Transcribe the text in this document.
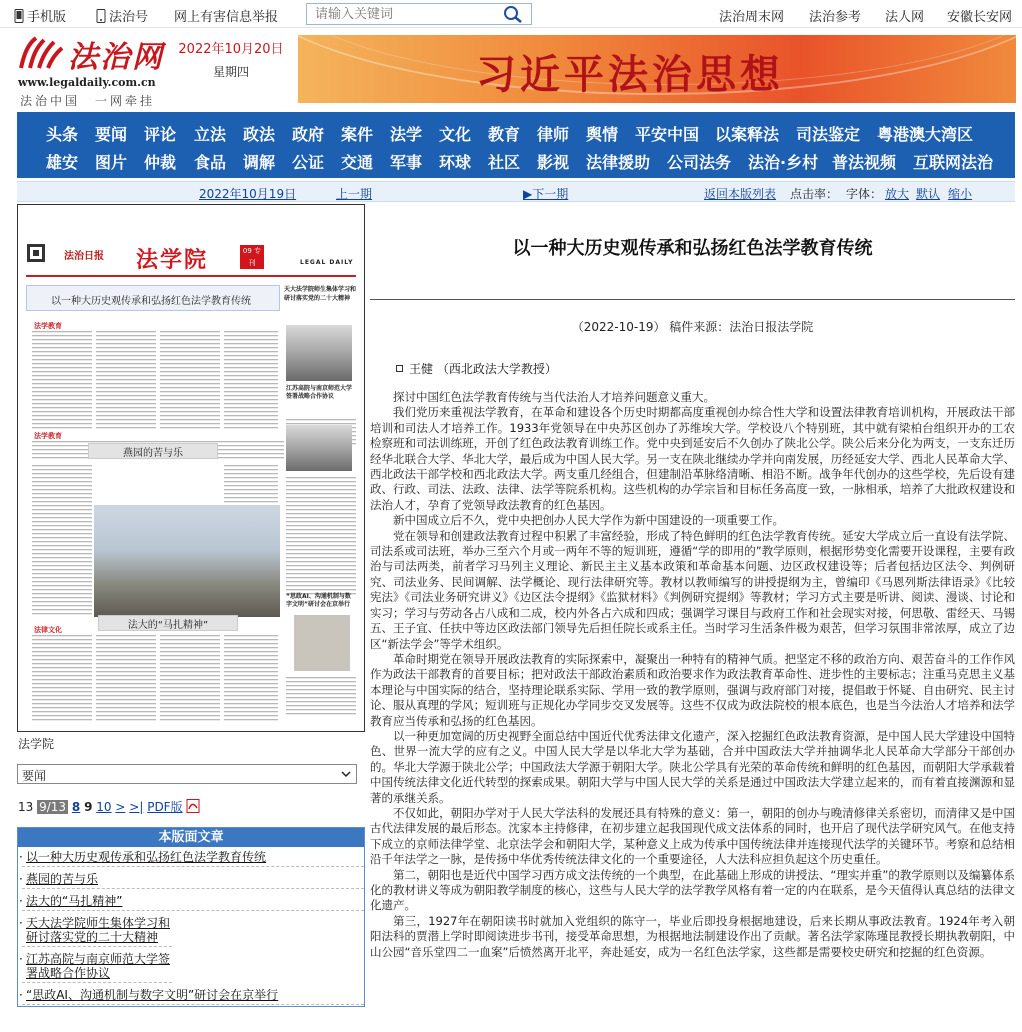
手机版	法治号 网上有害信息举报
请输入关键词	法治周末网 法治参考 法人网 安徽长安网
法治网
www.legaldaily.com.cn
法治中国　一网牵挂
2022年10月20日
星期四	习近平法治思想
头条 要闻 评论 立法 政法 政府 案件 法学 文化 教育 律师 舆情 平安中国 以案释法 司法鉴定 粤港澳大湾区
雄安 图片 仲裁 食品 调解 公证 交通 军事 环球 社区 影视 法律援助 公司法务 法治·乡村 普法视频 互联网法治
2022年10月19日	上一期	▶下一期	返回本版列表 点击率： 字体： 放大 默认 缩小
法治日报 法学院	09 专刊	LEGAL DAILY
以一种大历史观传承和弘扬红色法学教育传统
天大法学院师生集体学习和研讨落实党的二十大精神
法学教育
江苏高院与南京师范大学签署战略合作协议
法学教育
燕园的苦与乐
法大的“马扎精神”
“思政AI、沟通机制与数字文明”研讨会在京举行
法律文化
法学院
要闻
13 9/13 8 9 10 > >| PDF版
本版面文章
· 以一种大历史观传承和弘扬红色法学教育传统
· 燕园的苦与乐
· 法大的“马扎精神”
· 天大法学院师生集体学习和研讨落实党的二十大精神
· 江苏高院与南京师范大学签署战略合作协议
· “思政AI、沟通机制与数字文明”研讨会在京举行
以一种大历史观传承和弘扬红色法学教育传统
（2022-10-19） 稿件来源：法治日报法学院
王健 （西北政法大学教授）

探讨中国红色法学教育传统与当代法治人才培养问题意义重大。

我们党历来重视法学教育，在革命和建设各个历史时期都高度重视创办综合性大学和设置法律教育培训机构，开展政法干部培训和司法人才培养工作。1933年党领导在中央苏区创办了苏维埃大学。学校设八个特别班，其中就有梁柏台组织开办的工农检察班和司法训练班，开创了红色政法教育训练工作。党中央到延安后不久创办了陕北公学。陕公后来分化为两支，一支东迁历经华北联合大学、华北大学，最后成为中国人民大学。另一支在陕北继续办学并向南发展，历经延安大学、西北人民革命大学、西北政法干部学校和西北政法大学。两支重几经组合，但建制沿革脉络清晰、相沿不断。战争年代创办的这些学校，先后设有建政、行政、司法、法政、法律、法学等院系机构。这些机构的办学宗旨和目标任务高度一致，一脉相承，培养了大批政权建设和法治人才，孕育了党领导政法教育的红色基因。

新中国成立后不久，党中央把创办人民大学作为新中国建设的一项重要工作。

党在领导和创建政法教育过程中积累了丰富经验，形成了特色鲜明的红色法学教育传统。延安大学成立后一直设有法学院、司法系或司法班，举办三至六个月或一两年不等的短训班，遵循“学的即用的”教学原则，根据形势变化需要开设课程，主要有政治与司法两类，前者学习马列主义理论、新民主主义基本政策和革命基本问题、边区政权建设等；后者包括边区法令、判例研究、司法业务、民间调解、法学概论、现行法律研究等。教材以教师编写的讲授提纲为主，曾编印《马恩列斯法律语录》《比较宪法》《司法业务研究讲义》《边区法令提纲》《监狱材料》《判例研究提纲》等教材；学习方式主要是听讲、阅读、漫谈、讨论和实习；学习与劳动各占八成和二成，校内外各占六成和四成；强调学习课目与政府工作和社会现实对接，何思敬、雷经天、马锡五、王子宜、任扶中等边区政法部门领导先后担任院长或系主任。当时学习生活条件极为艰苦，但学习氛围非常浓厚，成立了边区“新法学会”等学术组织。

革命时期党在领导开展政法教育的实际探索中，凝聚出一种特有的精神气质。把坚定不移的政治方向、艰苦奋斗的工作作风作为政法干部教育的首要目标；把对政法干部政治素质和政治要求作为政法教育革命性、进步性的主要标志；注重马克思主义基本理论与中国实际的结合，坚持理论联系实际、学用一致的教学原则，强调与政府部门对接，提倡敢于怀疑、自由研究、民主讨论、服从真理的学风；短训班与正规化办学同步交叉发展等。这些不仅成为政法院校的根本底色，也是当今法治人才培养和法学教育应当传承和弘扬的红色基因。

以一种更加宽阔的历史视野全面总结中国近代优秀法律文化遗产，深入挖掘红色政法教育资源，是中国人民大学建设中国特色、世界一流大学的应有之义。中国人民大学是以华北大学为基础，合并中国政法大学并抽调华北人民革命大学部分干部创办的。华北大学源于陕北公学；中国政法大学源于朝阳大学。陕北公学具有光荣的革命传统和鲜明的红色基因，而朝阳大学承载着中国传统法律文化近代转型的探索成果。朝阳大学与中国人民大学的关系是通过中国政法大学建立起来的，而有着直接渊源和显著的承继关系。

不仅如此，朝阳办学对于人民大学法科的发展还具有特殊的意义：第一，朝阳的创办与晚清修律关系密切，而清律又是中国古代法律发展的最后形态。沈家本主持修律，在初步建立起我国现代成文法体系的同时，也开启了现代法学研究风气。在他支持下成立的京师法律学堂、北京法学会和朝阳大学，某种意义上成为传承中国传统法律并连接现代法学的关键环节。考察和总结相沿千年法学之一脉，是传扬中华优秀传统法律文化的一个重要途径，人大法科应担负起这个历史重任。

第二，朝阳也是近代中国学习西方成文法传统的一个典型，在此基础上形成的讲授法、“理实并重”的教学原则以及编纂体系化的教材讲义等成为朝阳教学制度的核心，这些与人民大学的法学教学风格有着一定的内在联系，是今天值得认真总结的法律文化遗产。

第三，1927年在朝阳读书时就加入党组织的陈守一，毕业后即投身根据地建设，后来长期从事政法教育。1924年考入朝阳法科的贾潜上学时即阅读进步书刊，接受革命思想，为根据地法制建设作出了贡献。著名法学家陈瑾昆教授长期执教朝阳，中山公园“音乐堂四二一血案”后愤然离开北平，奔赴延安，成为一名红色法学家，这些都是需要校史研究和挖掘的红色资源。
